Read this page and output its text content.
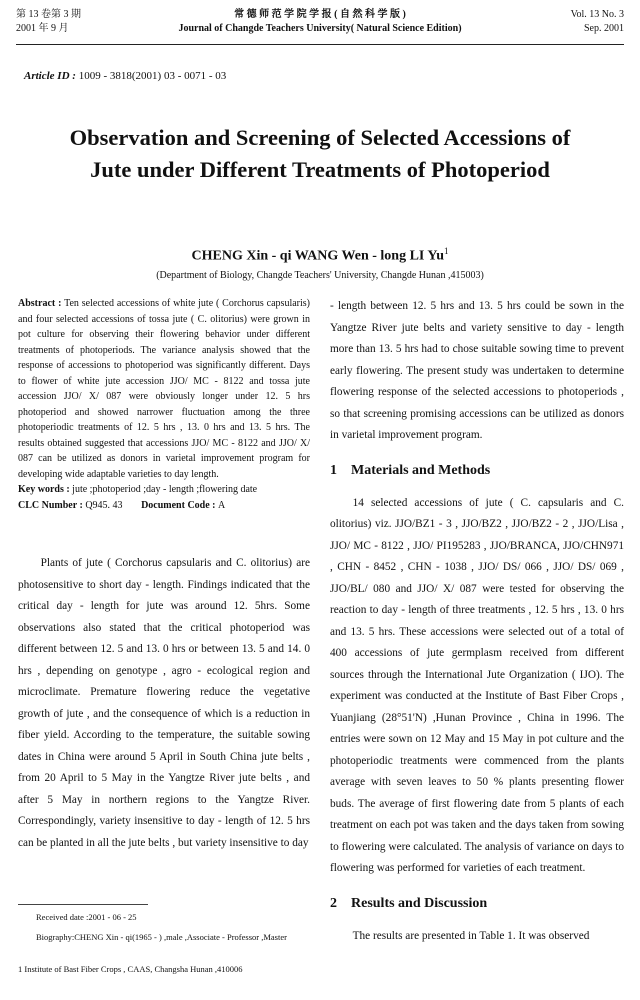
第 13 卷第 3 期
2001 年 9 月
常 德 师 范 学 院 学 报 ( 自 然 科 学 版 )
Journal of Changde Teachers University( Natural Science Edition)
Vol. 13 No. 3
Sep. 2001
Article ID : 1009 - 3818(2001) 03 - 0071 - 03
Observation and Screening of Selected Accessions of Jute under Different Treatments of Photoperiod
CHENG Xin - qi WANG Wen - long LI Yu$^1$
(Department of Biology, Changde Teachers' University, Changde Hunan ,415003)
Abstract : Ten selected accessions of white jute ( Corchorus capsularis) and four selected accessions of tossa jute ( C. olitorius) were grown in pot culture for observing their flowering behavior under different treatments of photoperiods. The variance analysis showed that the response of accessions to photoperiod was significantly different. Days to flower of white jute accession JJO/ MC - 8122 and tossa jute accession JJO/ X/ 087 were obviously longer under 12. 5 hrs photoperiod and showed narrower fluctuation among the three photoperiodic treatments of 12. 5 hrs , 13. 0 hrs and 13. 5 hrs. The results obtained suggested that accessions JJO/ MC - 8122 and JJO/ X/ 087 can be utilized as donors in varietal improvement program for developing wide adaptable varieties to day length.
Key words : jute ;photoperiod ;day - length ;flowering date
CLC Number : Q945. 43 Document Code : A
Plants of jute ( Corchorus capsularis and C. olitorius) are photosensitive to short day - length. Findings indicated that the critical day - length for jute was around 12. 5hrs. Some observations also stated that the critical photoperiod was different between 12. 5 and 13. 0 hrs or between 13. 5 and 14. 0 hrs , depending on genotype , agro - ecological region and microclimate. Premature flowering reduce the vegetative growth of jute , and the consequence of which is a reduction in fiber yield. According to the temperature, the suitable sowing dates in China were around 5 April in South China jute belts , from 20 April to 5 May in the Yangtze River jute belts , and after 5 May in northern regions to the Yangtze River. Correspondingly, variety insensitive to day - length of 12. 5 hrs can be planted in all the jute belts , but variety insensitive to day
Received date :2001 - 06 - 25
Biography:CHENG Xin - qi(1965 - ) ,male ,Associate - Professor ,Master
1 Institute of Bast Fiber Crops , CAAS, Changsha Hunan ,410006

- length between 12. 5 hrs and 13. 5 hrs could be sown in the Yangtze River jute belts and variety sensitive to day - length more than 13. 5 hrs had to chose suitable sowing time to prevent early flowering. The present study was undertaken to determine flowering response of the selected accessions to photoperiods , so that screening promising accessions can be utilized as donors in varietal improvement program.

1 Materials and Methods

14 selected accessions of jute ( C. capsularis and C. olitorius) viz. JJO/BZ1 - 3 , JJO/BZ2 , JJO/BZ2 - 2 , JJO/Lisa , JJO/ MC - 8122 , JJO/ PI195283 , JJO/BRANCA, JJO/CHN971 , CHN - 8452 , CHN - 1038 , JJO/ DS/ 066 , JJO/ DS/ 069 , JJO/BL/ 080 and JJO/ X/ 087 were tested for observing the reaction to day - length of three treatments , 12. 5 hrs , 13. 0 hrs and 13. 5 hrs. These accessions were selected out of a total of 400 accessions of jute germplasm received from different sources through the International Jute Organization ( IJO). The experiment was conducted at the Institute of Bast Fiber Crops , Yuanjiang (28°51'N) ,Hunan Province , China in 1996. The entries were sown on 12 May and 15 May in pot culture and the photoperiodic treatments were commenced from the plants average with seven leaves to 50 % plants presenting flower buds. The average of first flowering date from 5 plants of each treatment on each pot was taken and the days taken from sowing to flowering were calculated. The analysis of variance on days to flowering was performed for varieties of each treatment.

2 Results and Discussion

The results are presented in Table 1. It was observed
